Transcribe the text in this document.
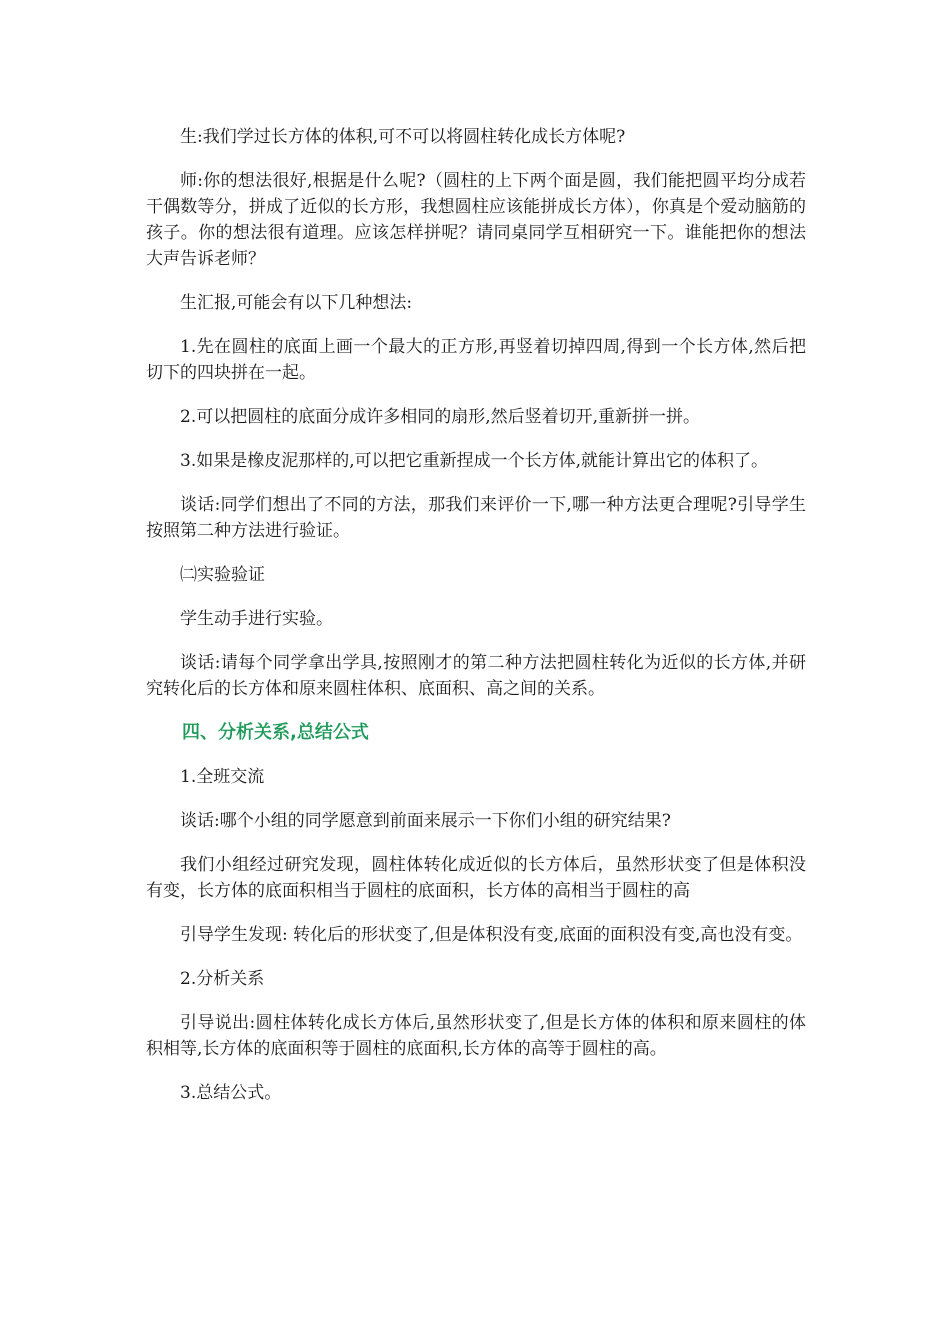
生:我们学过长方体的体积,可不可以将圆柱转化成长方体呢?

师:你的想法很好,根据是什么呢?（圆柱的上下两个面是圆，我们能把圆平均分成若干偶数等分，拼成了近似的长方形，我想圆柱应该能拼成长方体），你真是个爱动脑筋的孩子。你的想法很有道理。应该怎样拼呢？请同桌同学互相研究一下。谁能把你的想法大声告诉老师？

生汇报,可能会有以下几种想法:

1.先在圆柱的底面上画一个最大的正方形,再竖着切掉四周,得到一个长方体,然后把切下的四块拼在一起。

2.可以把圆柱的底面分成许多相同的扇形,然后竖着切开,重新拼一拼。

3.如果是橡皮泥那样的,可以把它重新捏成一个长方体,就能计算出它的体积了。

谈话:同学们想出了不同的方法，那我们来评价一下,哪一种方法更合理呢?引导学生按照第二种方法进行验证。

㈡实验验证

学生动手进行实验。

谈话:请每个同学拿出学具,按照刚才的第二种方法把圆柱转化为近似的长方体,并研究转化后的长方体和原来圆柱体积、底面积、高之间的关系。

四、分析关系,总结公式

1.全班交流

谈话:哪个小组的同学愿意到前面来展示一下你们小组的研究结果?

我们小组经过研究发现，圆柱体转化成近似的长方体后，虽然形状变了但是体积没有变，长方体的底面积相当于圆柱的底面积，长方体的高相当于圆柱的高

引导学生发现: 转化后的形状变了,但是体积没有变,底面的面积没有变,高也没有变。

2.分析关系

引导说出:圆柱体转化成长方体后,虽然形状变了,但是长方体的体积和原来圆柱的体积相等,长方体的底面积等于圆柱的底面积,长方体的高等于圆柱的高。

3.总结公式。
